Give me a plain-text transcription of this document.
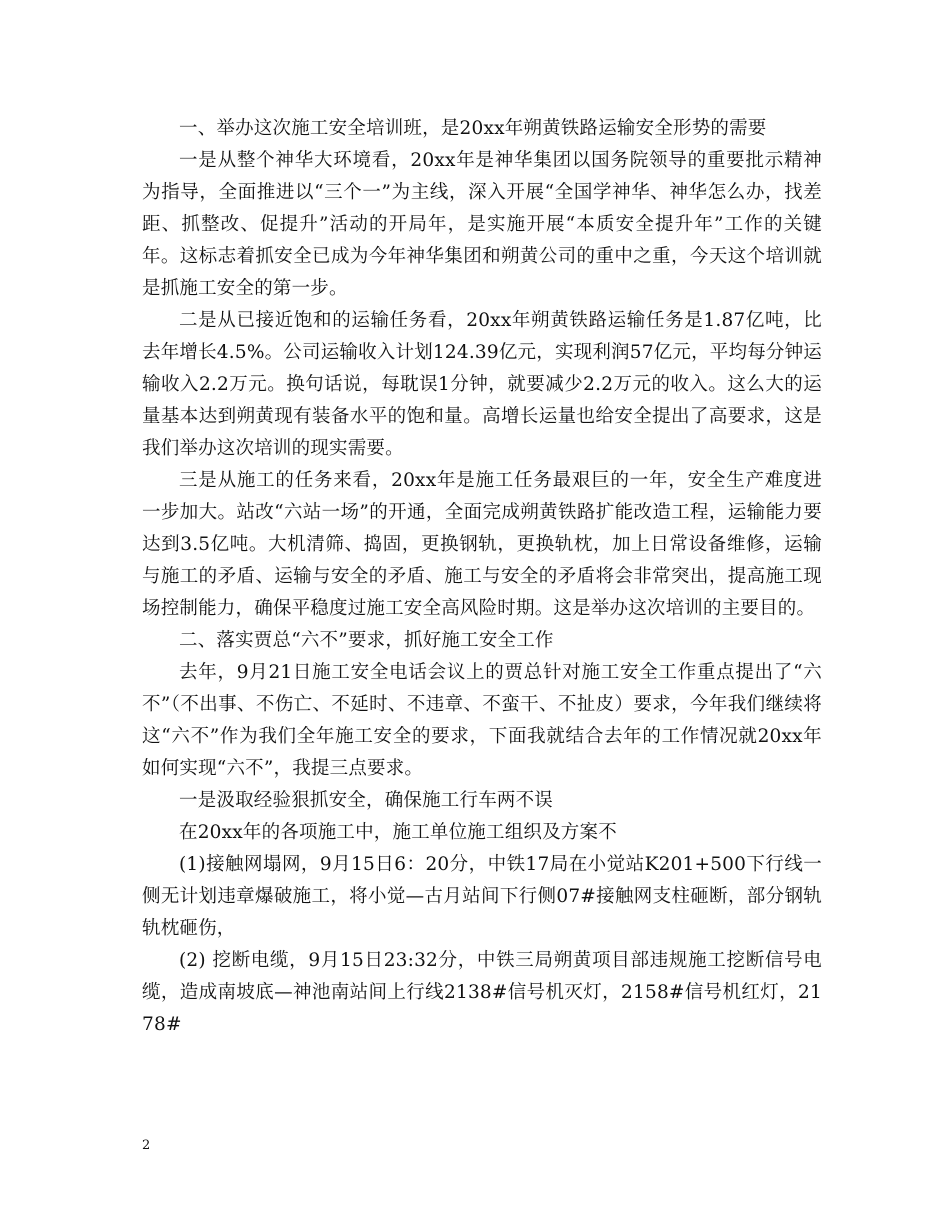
一、举办这次施工安全培训班，是20xx年朔黄铁路运输安全形势的需要

一是从整个神华大环境看，20xx年是神华集团以国务院领导的重要批示精神为指导，全面推进以“三个一”为主线，深入开展“全国学神华、神华怎么办，找差距、抓整改、促提升”活动的开局年，是实施开展“本质安全提升年”工作的关键年。这标志着抓安全已成为今年神华集团和朔黄公司的重中之重，今天这个培训就是抓施工安全的第一步。

二是从已接近饱和的运输任务看，20xx年朔黄铁路运输任务是1.87亿吨，比去年增长4.5%。公司运输收入计划124.39亿元，实现利润57亿元，平均每分钟运输收入2.2万元。换句话说，每耽误1分钟，就要减少2.2万元的收入。这么大的运量基本达到朔黄现有装备水平的饱和量。高增长运量也给安全提出了高要求，这是我们举办这次培训的现实需要。

三是从施工的任务来看，20xx年是施工任务最艰巨的一年，安全生产难度进一步加大。站改“六站一场”的开通，全面完成朔黄铁路扩能改造工程，运输能力要达到3.5亿吨。大机清筛、捣固，更换钢轨，更换轨枕，加上日常设备维修，运输与施工的矛盾、运输与安全的矛盾、施工与安全的矛盾将会非常突出，提高施工现场控制能力，确保平稳度过施工安全高风险时期。这是举办这次培训的主要目的。

二、落实贾总“六不”要求，抓好施工安全工作

去年，9月21日施工安全电话会议上的贾总针对施工安全工作重点提出了“六不”（不出事、不伤亡、不延时、不违章、不蛮干、不扯皮）要求，今年我们继续将这“六不”作为我们全年施工安全的要求，下面我就结合去年的工作情况就20xx年如何实现“六不”，我提三点要求。

一是汲取经验狠抓安全，确保施工行车两不误

在20xx年的各项施工中，施工单位施工组织及方案不

(1)接触网塌网，9月15日6：20分，中铁17局在小觉站K201+500下行线一侧无计划违章爆破施工，将小觉—古月站间下行侧07#接触网支柱砸断，部分钢轨轨枕砸伤，

(2) 挖断电缆，9月15日23:32分，中铁三局朔黄项目部违规施工挖断信号电缆，造成南坡底—神池南站间上行线2138#信号机灭灯，2158#信号机红灯，2178#

2
